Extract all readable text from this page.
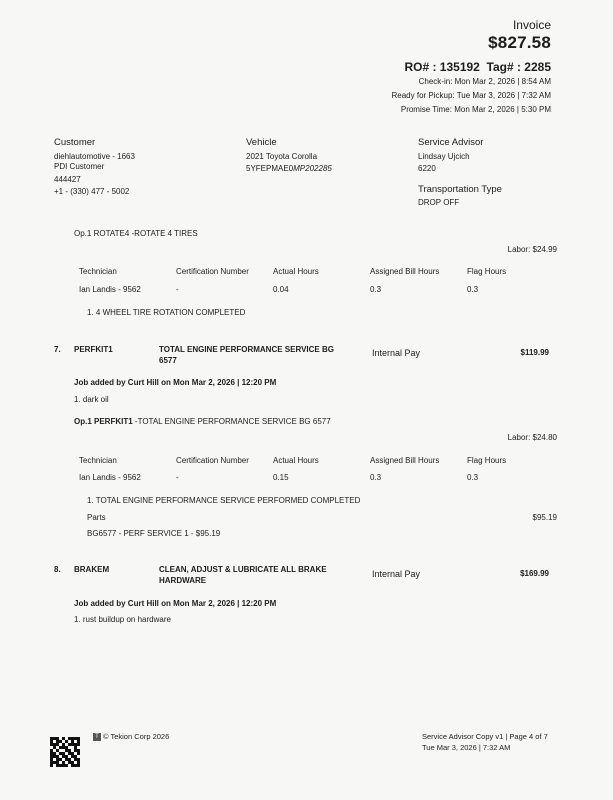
Invoice
$827.58
RO# : 135192 Tag# : 2285
Check-in: Mon Mar 2, 2026 | 8:54 AM
Ready for Pickup: Tue Mar 3, 2026 | 7:32 AM
Promise Time: Mon Mar 2, 2026 | 5:30 PM
Customer
diehlautomotive - 1663
PDI Customer
444427
+1 - (330) 477 - 5002
Vehicle
2021 Toyota Corolla
5YFEPMAE0MP202285
Service Advisor
Lindsay Ujcich
6220
Transportation Type
DROP OFF
Op.1 ROTATE4 -ROTATE 4 TIRES
Labor: $24.99
Technician	Certification Number	Actual Hours	Assigned Bill Hours	Flag Hours
Ian Landis - 9562	-	0.04	0.3	0.3
1. 4 WHEEL TIRE ROTATION COMPLETED
7. PERFKIT1	TOTAL ENGINE PERFORMANCE SERVICE BG
6577
Internal Pay	$119.99
Job added by Curt Hill on Mon Mar 2, 2026 | 12:20 PM
1. dark oil
Op.1 PERFKIT1 -TOTAL ENGINE PERFORMANCE SERVICE BG 6577
Labor: $24.80
Technician	Certification Number	Actual Hours	Assigned Bill Hours	Flag Hours
Ian Landis - 9562	-	0.15	0.3	0.3
1. TOTAL ENGINE PERFORMANCE SERVICE PERFORMED COMPLETED
Parts	$95.19
BG6577 - PERF SERVICE 1 - $95.19
8. BRAKEM	CLEAN, ADJUST & LUBRICATE ALL BRAKE
HARDWARE
Internal Pay	$169.99
Job added by Curt Hill on Mon Mar 2, 2026 | 12:20 PM
1. rust buildup on hardware
T © Tekion Corp 2026	Service Advisor Copy v1 | Page 4 of 7
Tue Mar 3, 2026 | 7:32 AM
